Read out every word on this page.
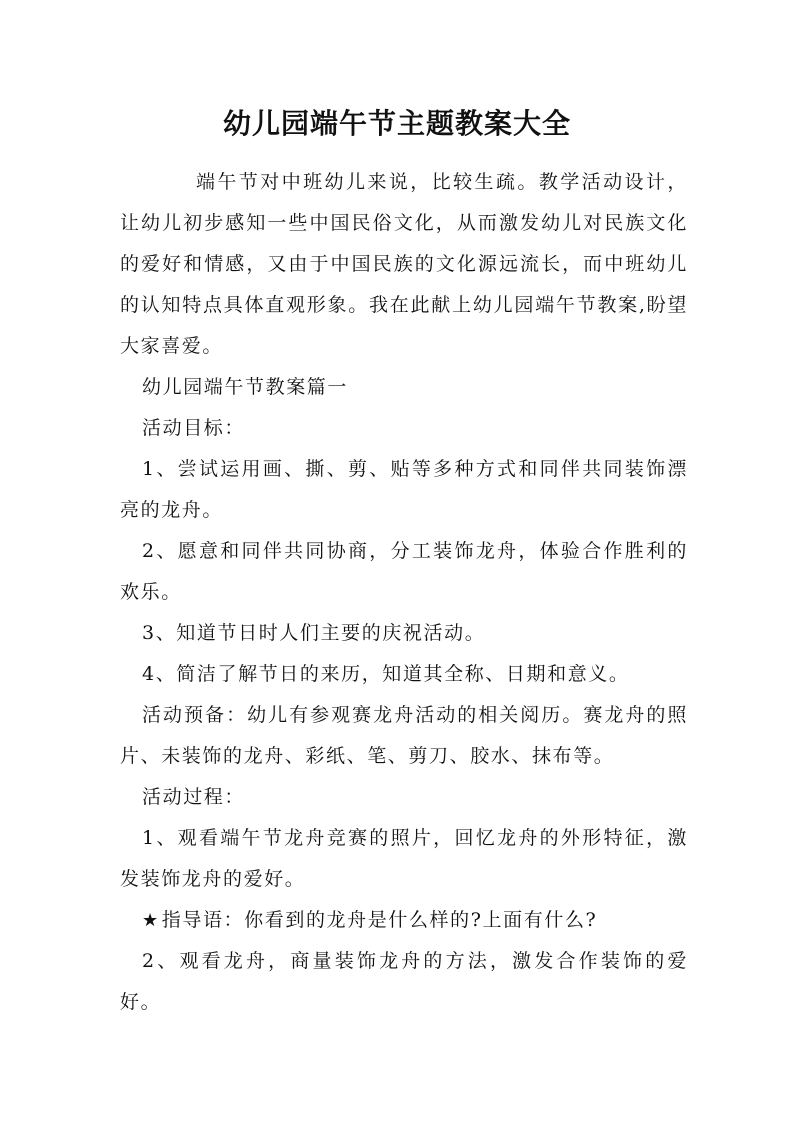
幼儿园端午节主题教案大全

端午节对中班幼儿来说，比较生疏。教学活动设计，让幼儿初步感知一些中国民俗文化，从而激发幼儿对民族文化的爱好和情感，又由于中国民族的文化源远流长，而中班幼儿的认知特点具体直观形象。我在此献上幼儿园端午节教案,盼望大家喜爱。

幼儿园端午节教案篇一

活动目标：

1、尝试运用画、撕、剪、贴等多种方式和同伴共同装饰漂亮的龙舟。

2、愿意和同伴共同协商，分工装饰龙舟，体验合作胜利的欢乐。

3、知道节日时人们主要的庆祝活动。

4、简洁了解节日的来历，知道其全称、日期和意义。

活动预备：幼儿有参观赛龙舟活动的相关阅历。赛龙舟的照片、未装饰的龙舟、彩纸、笔、剪刀、胶水、抹布等。

活动过程：

1、观看端午节龙舟竞赛的照片，回忆龙舟的外形特征，激发装饰龙舟的爱好。

★ 指导语：你看到的龙舟是什么样的?上面有什么?

2、观看龙舟，商量装饰龙舟的方法，激发合作装饰的爱好。
